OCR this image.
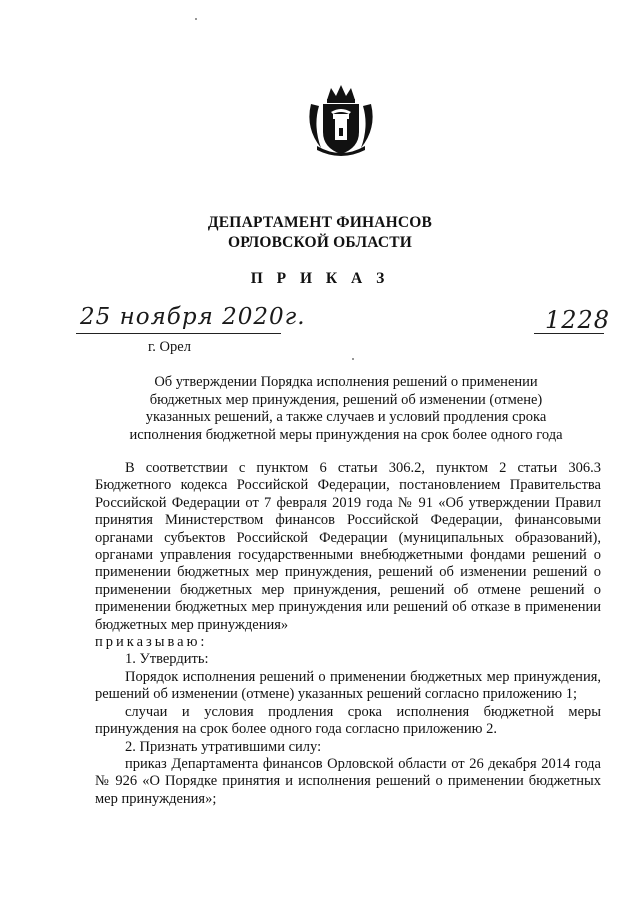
ДЕПАРТАМЕНТ ФИНАНСОВ
ОРЛОВСКОЙ ОБЛАСТИ
П Р И К А З
25 ноября 2020г.	1228
г. Орел
Об утверждении Порядка исполнения решений о применении
бюджетных мер принуждения, решений об изменении (отмене)
указанных решений, а также случаев и условий продления срока
исполнения бюджетной меры принуждения на срок более одного года

В соответствии с пунктом 6 статьи 306.2, пунктом 2 статьи 306.3 Бюджетного кодекса Российской Федерации, постановлением Правительства Российской Федерации от 7 февраля 2019 года № 91 «Об утверждении Правил принятия Министерством финансов Российской Федерации, финансовыми органами субъектов Российской Федерации (муниципальных образований), органами управления государственными внебюджетными фондами решений о применении бюджетных мер принуждения, решений об изменении решений о применении бюджетных мер принуждения, решений об отмене решений о применении бюджетных мер принуждения или решений об отказе в применении бюджетных мер принуждения»

приказываю:

1. Утвердить:

Порядок исполнения решений о применении бюджетных мер принуждения, решений об изменении (отмене) указанных решений согласно приложению 1;

случаи и условия продления срока исполнения бюджетной меры принуждения на срок более одного года согласно приложению 2.

2. Признать утратившими силу:

приказ Департамента финансов Орловской области от 26 декабря 2014 года № 926 «О Порядке принятия и исполнения решений о применении бюджетных мер принуждения»;
